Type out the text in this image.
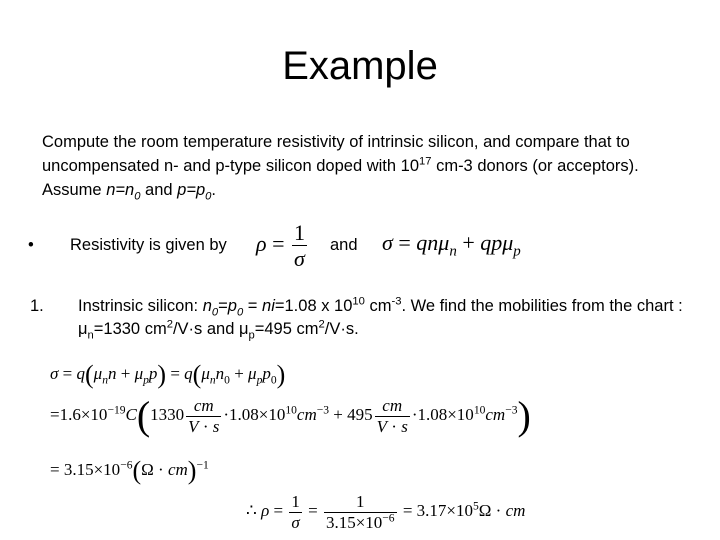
Example
Compute the room temperature resistivity of intrinsic silicon, and compare that to uncompensated n- and p-type silicon doped with $10^{17}$ cm-3 donors (or acceptors). Assume $n=n_0$ and $p=p_0$.
• Resistivity is given by	and
$\rho = \frac{1}{\sigma}$	σ = qnμ$_n$ + qpμ$_p$
1. Instrinsic silicon: $n_0=p_0 = ni=1.08$ x $10^{10}$ $cm^{-3}$. We find the mobilities from the chart : $\mu_n=1330$ $cm^2/V\cdot s$ and $\mu_p=495$ $cm^2/V\cdot s$.
$\sigma = q(\mu_nn + \mu_pp) = q(\mu_nn_0 + \mu_pp_0)$
$=1.6\times 10^{-19}C(1330 \frac{cm}{V \cdot s} \cdot 1.08\times 10^{10}cm^{-3} + 495 \frac{cm}{V \cdot s} \cdot 1.08\times 10^{10}cm^{-3})$
= $3.15\times 10^{-6}(\Omega \cdot cm)^{-1}$
∴ $\rho = \frac{1}{\sigma} = \frac{1}{3.15\times 10^{-6}} = 3.17\times 10^5\Omega$ · cm
